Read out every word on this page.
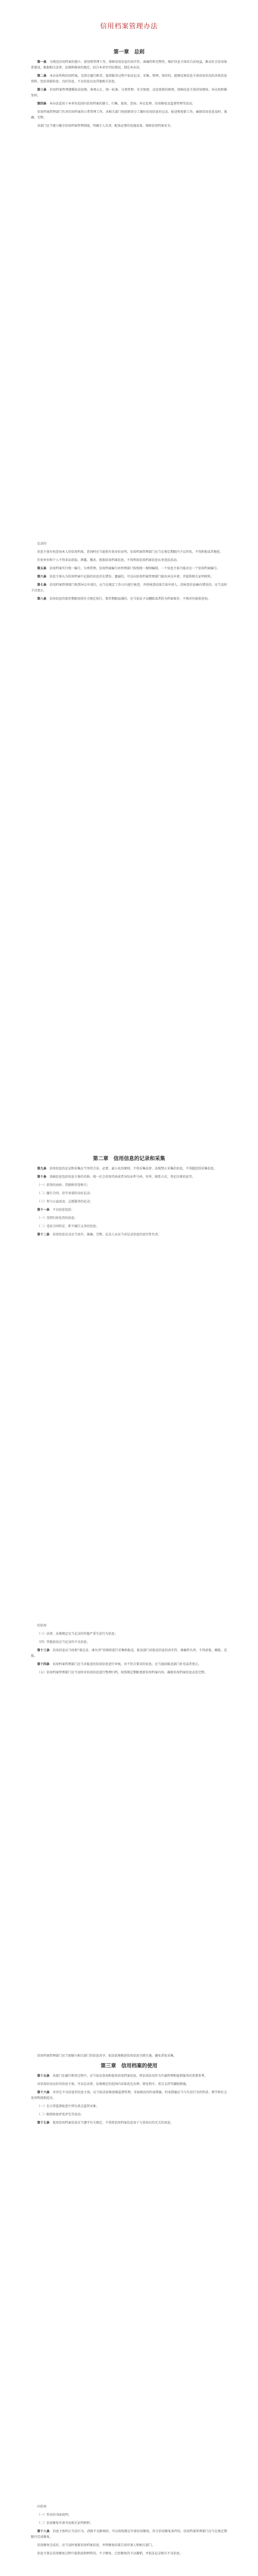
信用档案管理办法
第一章　总则
第一条　 为规范信用档案的建立、使用和管理工作，保障信用信息的真实性、准确性和完整性，维护信息主体的合法权益，推动社会信用体系建设，根据相关法律、法规和规章的规定，结合本单位实际情况，制定本办法。
第二条　 本办法所称信用档案，是指在履行职责、提供服务过程中依法记录、采集、整理、保存的，能够反映信息主体信用状况的各类信息资料，包括基础信息、良好信息、不良信息以及其他相关信息。
第三条　 信用档案管理遵循依法依规、客观公正、统一标准、分类管理、安全保密、动态更新的原则，保障信息主体的知情权、异议权和修复权。
第四条　 本办法适用于本单位范围内信用档案的建立、归集、使用、查询、异议处理、信用修复及监督管理等活动。
信用档案管理部门负责信用档案的日常管理工作，各相关部门按照职责分工做好信用信息的记录、报送和更新工作，确保信用信息及时、准确、完整。
各部门应当建立健全信用档案管理制度，明确专人负责，配备必要的设施设备，保障信用档案安全。
记录的
信息主体有权查询本人的信用档案。查询时应当提供有效身份证明，信用档案管理部门应当在规定期限内予以答复，不得拒绝或者拖延。
任何单位和个人不得非法获取、泄露、篡改、毁损信用档案信息，不得利用信用档案信息从事违法活动。
第五条　 信用档案实行统一编号、分类管理。信用档案编号由管理部门按照统一规则编制，一个信息主体只能对应一个信用档案编号。
第六条　 信息主体认为信用档案中记载的信息存在错误、遗漏的，可以向信用档案管理部门提出异议申请，并提供相关证明材料。
第七条　 信用档案管理部门收到异议申请后，应当在规定工作日内进行核查，并将核查结果告知申请人。经核查信息确有错误的，应当及时予以更正。
第八条　 信用信息的保存期限按照有关规定执行，保存期限届满的，应当依法予以删除或者转为档案保存，不再对外提供查询。
第二章　信用信息的记录和采集
第九条　 信用信息的记录和采集应当坚持合法、必要、最小化的原则，不得采集法律、法规禁止采集的信息，不得超范围采集信息。
第十条　 基础信息包括信息主体的名称、统一社会信用代码或者身份证件号码、住所、联系方式、登记注册信息等。
（一）获得的表彰、奖励和荣誉称号；
（二）履行合同、信守承诺的良好记录；
（三）参与公益活动、志愿服务的记录；
第十一条　 不良信息包括：
（一）受到行政处罚的信息；
（二）违反合同约定、拒不履行义务的信息；
第十二条　 信用信息记录应当真实、准确、完整，记录人员应当对记录信息的真实性负责。
的信用
（三）法律、法规规定应当记录的其他严重失信行为信息；
（四）其他依法应当记录的不良信息。
第十三条　 信用信息应当按照“谁记录、谁负责”的原则进行采集和报送，报送部门对报送信息的真实性、准确性负责，不得虚报、瞒报、迟报。
第十四条　 信用档案管理部门应当对报送的信用信息进行审核，对不符合要求的信息，应当退回报送部门补充或者更正。
（五）信用档案管理部门应当及时对信用信息进行整理归档，按照规定期限更新信用档案内容，确保信用档案信息动态完整。
信用档案管理部门应当加强与相关部门的信息共享，依法依规推进信用信息互联互通，避免重复采集。
第三章　信用档案的使用
第十五条　 各部门在履行职责过程中，应当依法查询和使用信用档案信息，将信用状况作为实施管理和提供服务的重要参考。
对信用状况良好的信息主体，可以在法律、法规规定的范围内采取优先办理、简化程序、重点支持等激励措施。
第十六条　 对存在不良信息的信息主体，应当依法依规加强监督管理，采取相应的约束措施，约束措施应当与失信行为的性质、情节和社会危害程度相适应。
（一）在日常监督检查中列为重点监管对象；
（二）限制参加评优评先等活动；
第十七条　 使用信用档案信息应当遵守有关规定，不得将信用档案信息用于与查询目的无关的用途。
向信用
（一）作出的书面说明；
（二）信用修复申请书及相关证明材料；
第十八条　 信息主体纠正失信行为、消除不良影响的，可以按照规定申请信用修复。符合信用修复条件的，信用档案管理部门应当在规定期限内完成修复。
信用修复完成后，应当及时更新信用档案信息，并将修复结果告知申请人和相关部门。
信息主体在信用修复过程中提供虚假材料的，不予修复，已经修复的予以撤销，并依法记录相关不良信息。
